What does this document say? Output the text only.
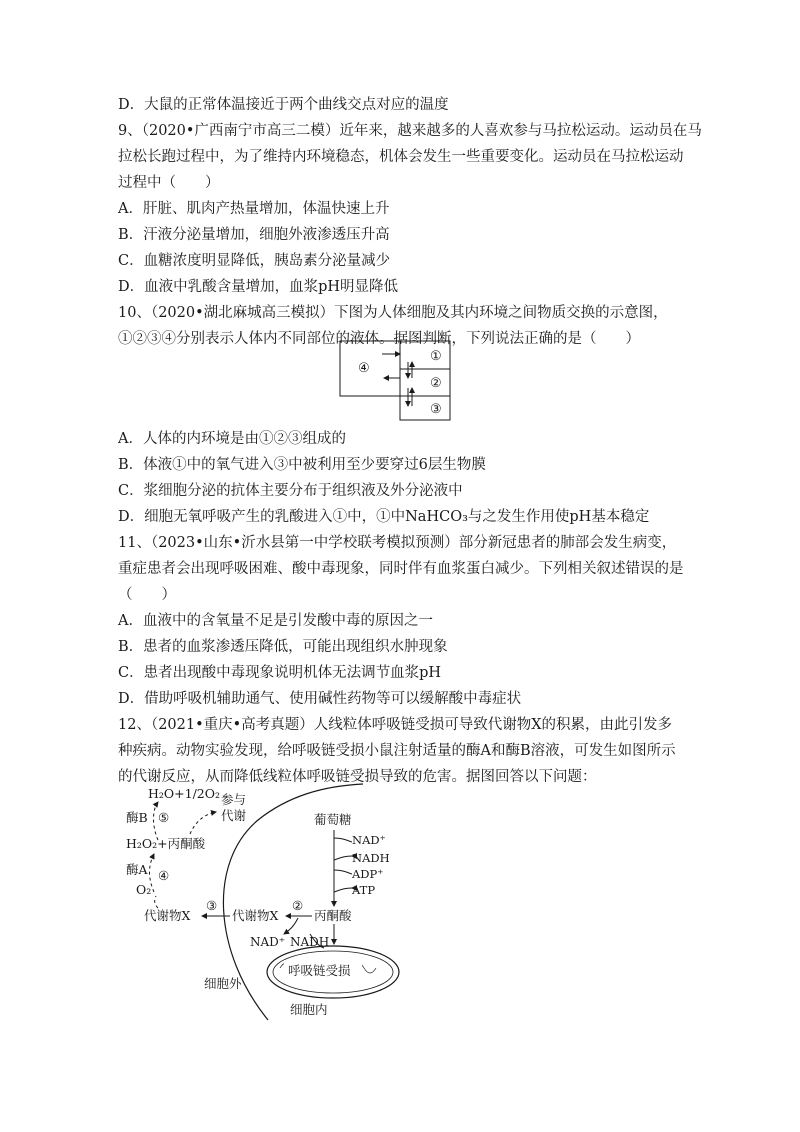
D．大鼠的正常体温接近于两个曲线交点对应的温度
9、（2020•广西南宁市高三二模）近年来，越来越多的人喜欢参与马拉松运动。运动员在马
拉松长跑过程中，为了维持内环境稳态，机体会发生一些重要变化。运动员在马拉松运动
过程中（　　）
A．肝脏、肌肉产热量增加，体温快速上升
B．汗液分泌量增加，细胞外液渗透压升高
C．血糖浓度明显降低，胰岛素分泌量减少
D．血液中乳酸含量增加，血浆pH明显降低
10、（2020•湖北麻城高三模拟）下图为人体细胞及其内环境之间物质交换的示意图，
①②③④分别表示人体内不同部位的液体。据图判断，下列说法正确的是（　　）
④
①
②
③
A．人体的内环境是由①②③组成的
B．体液①中的氧气进入③中被利用至少要穿过6层生物膜
C．浆细胞分泌的抗体主要分布于组织液及外分泌液中
D．细胞无氧呼吸产生的乳酸进入①中，①中NaHCO₃与之发生作用使pH基本稳定
11、（2023•山东•沂水县第一中学校联考模拟预测）部分新冠患者的肺部会发生病变，
重症患者会出现呼吸困难、酸中毒现象，同时伴有血浆蛋白减少。下列相关叙述错误的是
（　　）
A．血液中的含氧量不足是引发酸中毒的原因之一
B．患者的血浆渗透压降低，可能出现组织水肿现象
C．患者出现酸中毒现象说明机体无法调节血浆pH
D．借助呼吸机辅助通气、使用碱性药物等可以缓解酸中毒症状
12、（2021•重庆•高考真题）人线粒体呼吸链受损可导致代谢物X的积累，由此引发多
种疾病。动物实验发现，给呼吸链受损小鼠注射适量的酶A和酶B溶液，可发生如图所示
的代谢反应，从而降低线粒体呼吸链受损导致的危害。据图回答以下问题：
H₂O+1/2O₂
酶B ⑤
参与
代谢
H₂O₂+丙酮酸
酶A ④
O₂
代谢物X
③
代谢物X
②
丙酮酸
NAD⁺ NADH
葡萄糖
NAD⁺
NADH
ADP⁺
ATP
呼吸链受损
细胞外
细胞内
